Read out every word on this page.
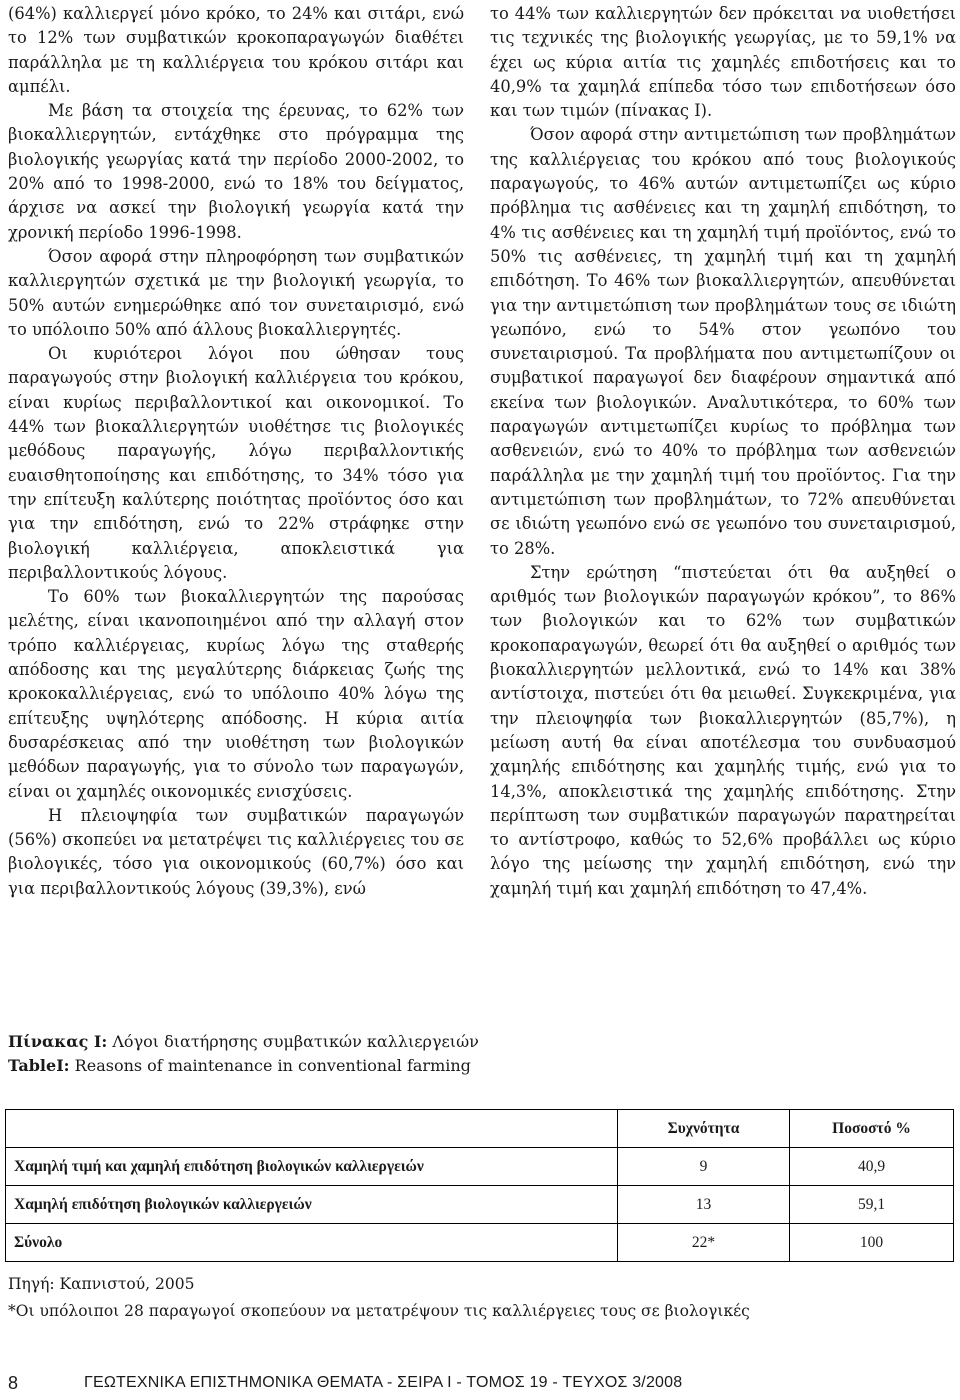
(64%) καλλιεργεί μόνο κρόκο, το 24% και σιτάρι, ενώ το 12% των συμβατικών κροκοπαραγωγών διαθέτει παράλληλα με τη καλλιέργεια του κρόκου σιτάρι και αμπέλι.

Με βάση τα στοιχεία της έρευνας, το 62% των βιοκαλλιεργητών, εντάχθηκε στο πρόγραμμα της βιολογικής γεωργίας κατά την περίοδο 2000-2002, το 20% από το 1998-2000, ενώ το 18% του δείγματος, άρχισε να ασκεί την βιολογική γεωργία κατά την χρονική περίοδο 1996-1998.

Όσον αφορά στην πληροφόρηση των συμβατικών καλλιεργητών σχετικά με την βιολογική γεωργία, το 50% αυτών ενημερώθηκε από τον συνεταιρισμό, ενώ το υπόλοιπο 50% από άλλους βιοκαλλιεργητές.

Οι κυριότεροι λόγοι που ώθησαν τους παραγωγούς στην βιολογική καλλιέργεια του κρόκου, είναι κυρίως περιβαλλοντικοί και οικονομικοί. Το 44% των βιοκαλλιεργητών υιοθέτησε τις βιολογικές μεθόδους παραγωγής, λόγω περιβαλλοντικής ευαισθητοποίησης και επιδότησης, το 34% τόσο για την επίτευξη καλύτερης ποιότητας προϊόντος όσο και για την επιδότηση, ενώ το 22% στράφηκε στην βιολογική καλλιέργεια, αποκλειστικά για περιβαλλοντικούς λόγους.

Το 60% των βιοκαλλιεργητών της παρούσας μελέτης, είναι ικανοποιημένοι από την αλλαγή στον τρόπο καλλιέργειας, κυρίως λόγω της σταθερής απόδοσης και της μεγαλύτερης διάρκειας ζωής της κροκοκαλλιέργειας, ενώ το υπόλοιπο 40% λόγω της επίτευξης υψηλότερης απόδοσης. Η κύρια αιτία δυσαρέσκειας από την υιοθέτηση των βιολογικών μεθόδων παραγωγής, για το σύνολο των παραγωγών, είναι οι χαμηλές οικονομικές ενισχύσεις.

Η πλειοψηφία των συμβατικών παραγωγών (56%) σκοπεύει να μετατρέψει τις καλλιέργειες του σε βιολογικές, τόσο για οικονομικούς (60,7%) όσο και για περιβαλλοντικούς λόγους (39,3%), ενώ

το 44% των καλλιεργητών δεν πρόκειται να υιοθετήσει τις τεχνικές της βιολογικής γεωργίας, με το 59,1% να έχει ως κύρια αιτία τις χαμηλές επιδοτήσεις και το 40,9% τα χαμηλά επίπεδα τόσο των επιδοτήσεων όσο και των τιμών (πίνακας Ι).

Όσον αφορά στην αντιμετώπιση των προβλημάτων της καλλιέργειας του κρόκου από τους βιολογικούς παραγωγούς, το 46% αυτών αντιμετωπίζει ως κύριο πρόβλημα τις ασθένειες και τη χαμηλή επιδότηση, το 4% τις ασθένειες και τη χαμηλή τιμή προϊόντος, ενώ το 50% τις ασθένειες, τη χαμηλή τιμή και τη χαμηλή επιδότηση. Το 46% των βιοκαλλιεργητών, απευθύνεται για την αντιμετώπιση των προβλημάτων τους σε ιδιώτη γεωπόνο, ενώ το 54% στον γεωπόνο του συνεταιρισμού. Τα προβλήματα που αντιμετωπίζουν οι συμβατικοί παραγωγοί δεν διαφέρουν σημαντικά από εκείνα των βιολογικών. Αναλυτικότερα, το 60% των παραγωγών αντιμετωπίζει κυρίως το πρόβλημα των ασθενειών, ενώ το 40% το πρόβλημα των ασθενειών παράλληλα με την χαμηλή τιμή του προϊόντος. Για την αντιμετώπιση των προβλημάτων, το 72% απευθύνεται σε ιδιώτη γεωπόνο ενώ σε γεωπόνο του συνεταιρισμού, το 28%.

Στην ερώτηση “πιστεύεται ότι θα αυξηθεί ο αριθμός των βιολογικών παραγωγών κρόκου”, το 86% των βιολογικών και το 62% των συμβατικών κροκοπαραγωγών, θεωρεί ότι θα αυξηθεί ο αριθμός των βιοκαλλιεργητών μελλοντικά, ενώ το 14% και 38% αντίστοιχα, πιστεύει ότι θα μειωθεί. Συγκεκριμένα, για την πλειοψηφία των βιοκαλλιεργητών (85,7%), η μείωση αυτή θα είναι αποτέλεσμα του συνδυασμού χαμηλής επιδότησης και χαμηλής τιμής, ενώ για το 14,3%, αποκλειστικά της χαμηλής επιδότησης. Στην περίπτωση των συμβατικών παραγωγών παρατηρείται το αντίστροφο, καθώς το 52,6% προβάλλει ως κύριο λόγο της μείωσης την χαμηλή επιδότηση, ενώ την χαμηλή τιμή και χαμηλή επιδότηση το 47,4%.

Πίνακας Ι: Λόγοι διατήρησης συμβατικών καλλιεργειών
TableI: Reasons of maintenance in conventional farming
	Συχνότητα	Ποσοστό %
Χαμηλή τιμή και χαμηλή επιδότηση βιολογικών καλλιεργειών	9	40,9
Χαμηλή επιδότηση βιολογικών καλλιεργειών	13	59,1
Σύνολο	22*	100
Πηγή: Καπνιστού, 2005
*Οι υπόλοιποι 28 παραγωγοί σκοπεύουν να μετατρέψουν τις καλλιέργειες τους σε βιολογικές
8	ΓΕΩΤΕΧΝΙΚΑ ΕΠΙΣΤΗΜΟΝΙΚΑ ΘΕΜΑΤΑ - ΣΕΙΡΑ Ι - ΤΟΜΟΣ 19 - ΤΕΥΧΟΣ 3/2008
